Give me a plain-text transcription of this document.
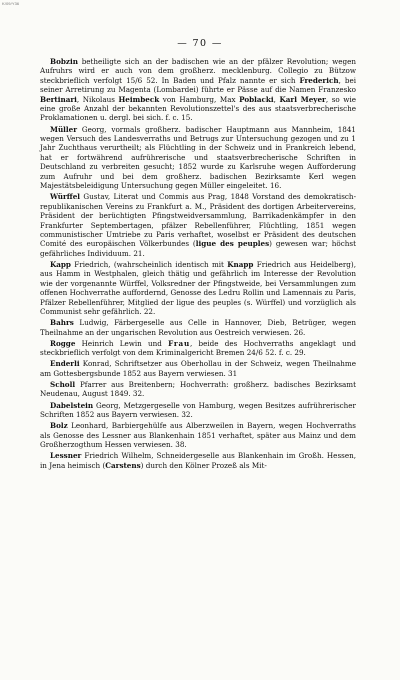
K/09/Y36
— 70 —

Bobzin betheiligte sich an der badischen wie an der pfälzer Revolution; wegen Aufruhrs wird er auch von dem großherz. mecklenburg. Collegio zu Bützow steckbrieflich verfolgt 15/6 52. In Baden und Pfalz nannte er sich Frederich, bei seiner Arretirung zu Magenta (Lombardei) führte er Pässe auf die Namen Franzesko Bertinari, Nikolaus Heimbeck von Hamburg, Max Poblacki, Karl Meyer, so wie eine große Anzahl der bekannten Revolutionszettel's des aus staatsverbrecherische Proklamationen u. dergl. bei sich. f. c. 15.

Müller Georg, vormals großherz. badischer Hauptmann aus Mannheim, 1841 wegen Versuch des Landesverraths und Betrugs zur Untersuchung gezogen und zu 1 Jahr Zuchthaus verurtheilt; als Flüchtling in der Schweiz und in Frankreich lebend, hat er fortwährend aufrührerische und staatsverbrecherische Schriften in Deutschland zu verbreiten gesucht; 1852 wurde zu Karlsruhe wegen Aufforderung zum Aufruhr und bei dem großherz. badischen Bezirksamte Kerl wegen Majestätsbeleidigung Untersuchung gegen Müller eingeleitet. 16.

Würffel Gustav, Literat und Commis aus Prag, 1848 Vorstand des demokratisch-republikanischen Vereins zu Frankfurt a. M., Präsident des dortigen Arbeitervereins, Präsident der berüchtigten Pfingstweidversammlung, Barrikadenkämpfer in den Frankfurter Septembertagen, pfälzer Rebellenführer, Flüchtling, 1851 wegen communistischer Umtriebe zu Paris verhaftet, woselbst er Präsident des deutschen Comité des europäischen Völkerbundes (ligue des peuples) gewesen war; höchst gefährliches Individuum. 21.

Kapp Friedrich, (wahrscheinlich identisch mit Knapp Friedrich aus Heidelberg), aus Hamm in Westphalen, gleich thätig und gefährlich im Interesse der Revolution wie der vorgenannte Würffel, Volksredner der Pfingstweide, bei Versammlungen zum offenen Hochverrathe auffordernd, Genosse des Ledru Rollin und Lamennais zu Paris, Pfälzer Rebellenführer, Mitglied der ligue des peuples (s. Würffel) und vorzüglich als Communist sehr gefährlich. 22.

Bahrs Ludwig, Färbergeselle aus Celle in Hannover, Dieb, Betrüger, wegen Theilnahme an der ungarischen Revolution aus Oestreich verwiesen. 26.

Rogge Heinrich Lewin und Frau, beide des Hochverraths angeklagt und steckbrieflich verfolgt von dem Kriminalgericht Bremen 24/6 52. f. c. 29.

Enderli Konrad, Schriftsetzer aus Oberhollau in der Schweiz, wegen Theilnahme am Gottesbergsbunde 1852 aus Bayern verwiesen. 31

Scholl Pfarrer aus Breitenbern; Hochverrath: großherz. badisches Bezirksamt Neudenau, August 1849. 32.

Dabelstein Georg, Metzgergeselle von Hamburg, wegen Besitzes aufrührerischer Schriften 1852 aus Bayern verwiesen. 32.

Bolz Leonhard, Barbiergehülfe aus Alberzweilen in Bayern, wegen Hochverraths als Genosse des Lessner aus Blankenhain 1851 verhaftet, später aus Mainz und dem Großherzogthum Hessen verwiesen. 38.

Lessner Friedrich Wilhelm, Schneidergeselle aus Blankenhain im Großh. Hessen, in Jena heimisch (Carstens) durch den Kölner Prozeß als Mit-
